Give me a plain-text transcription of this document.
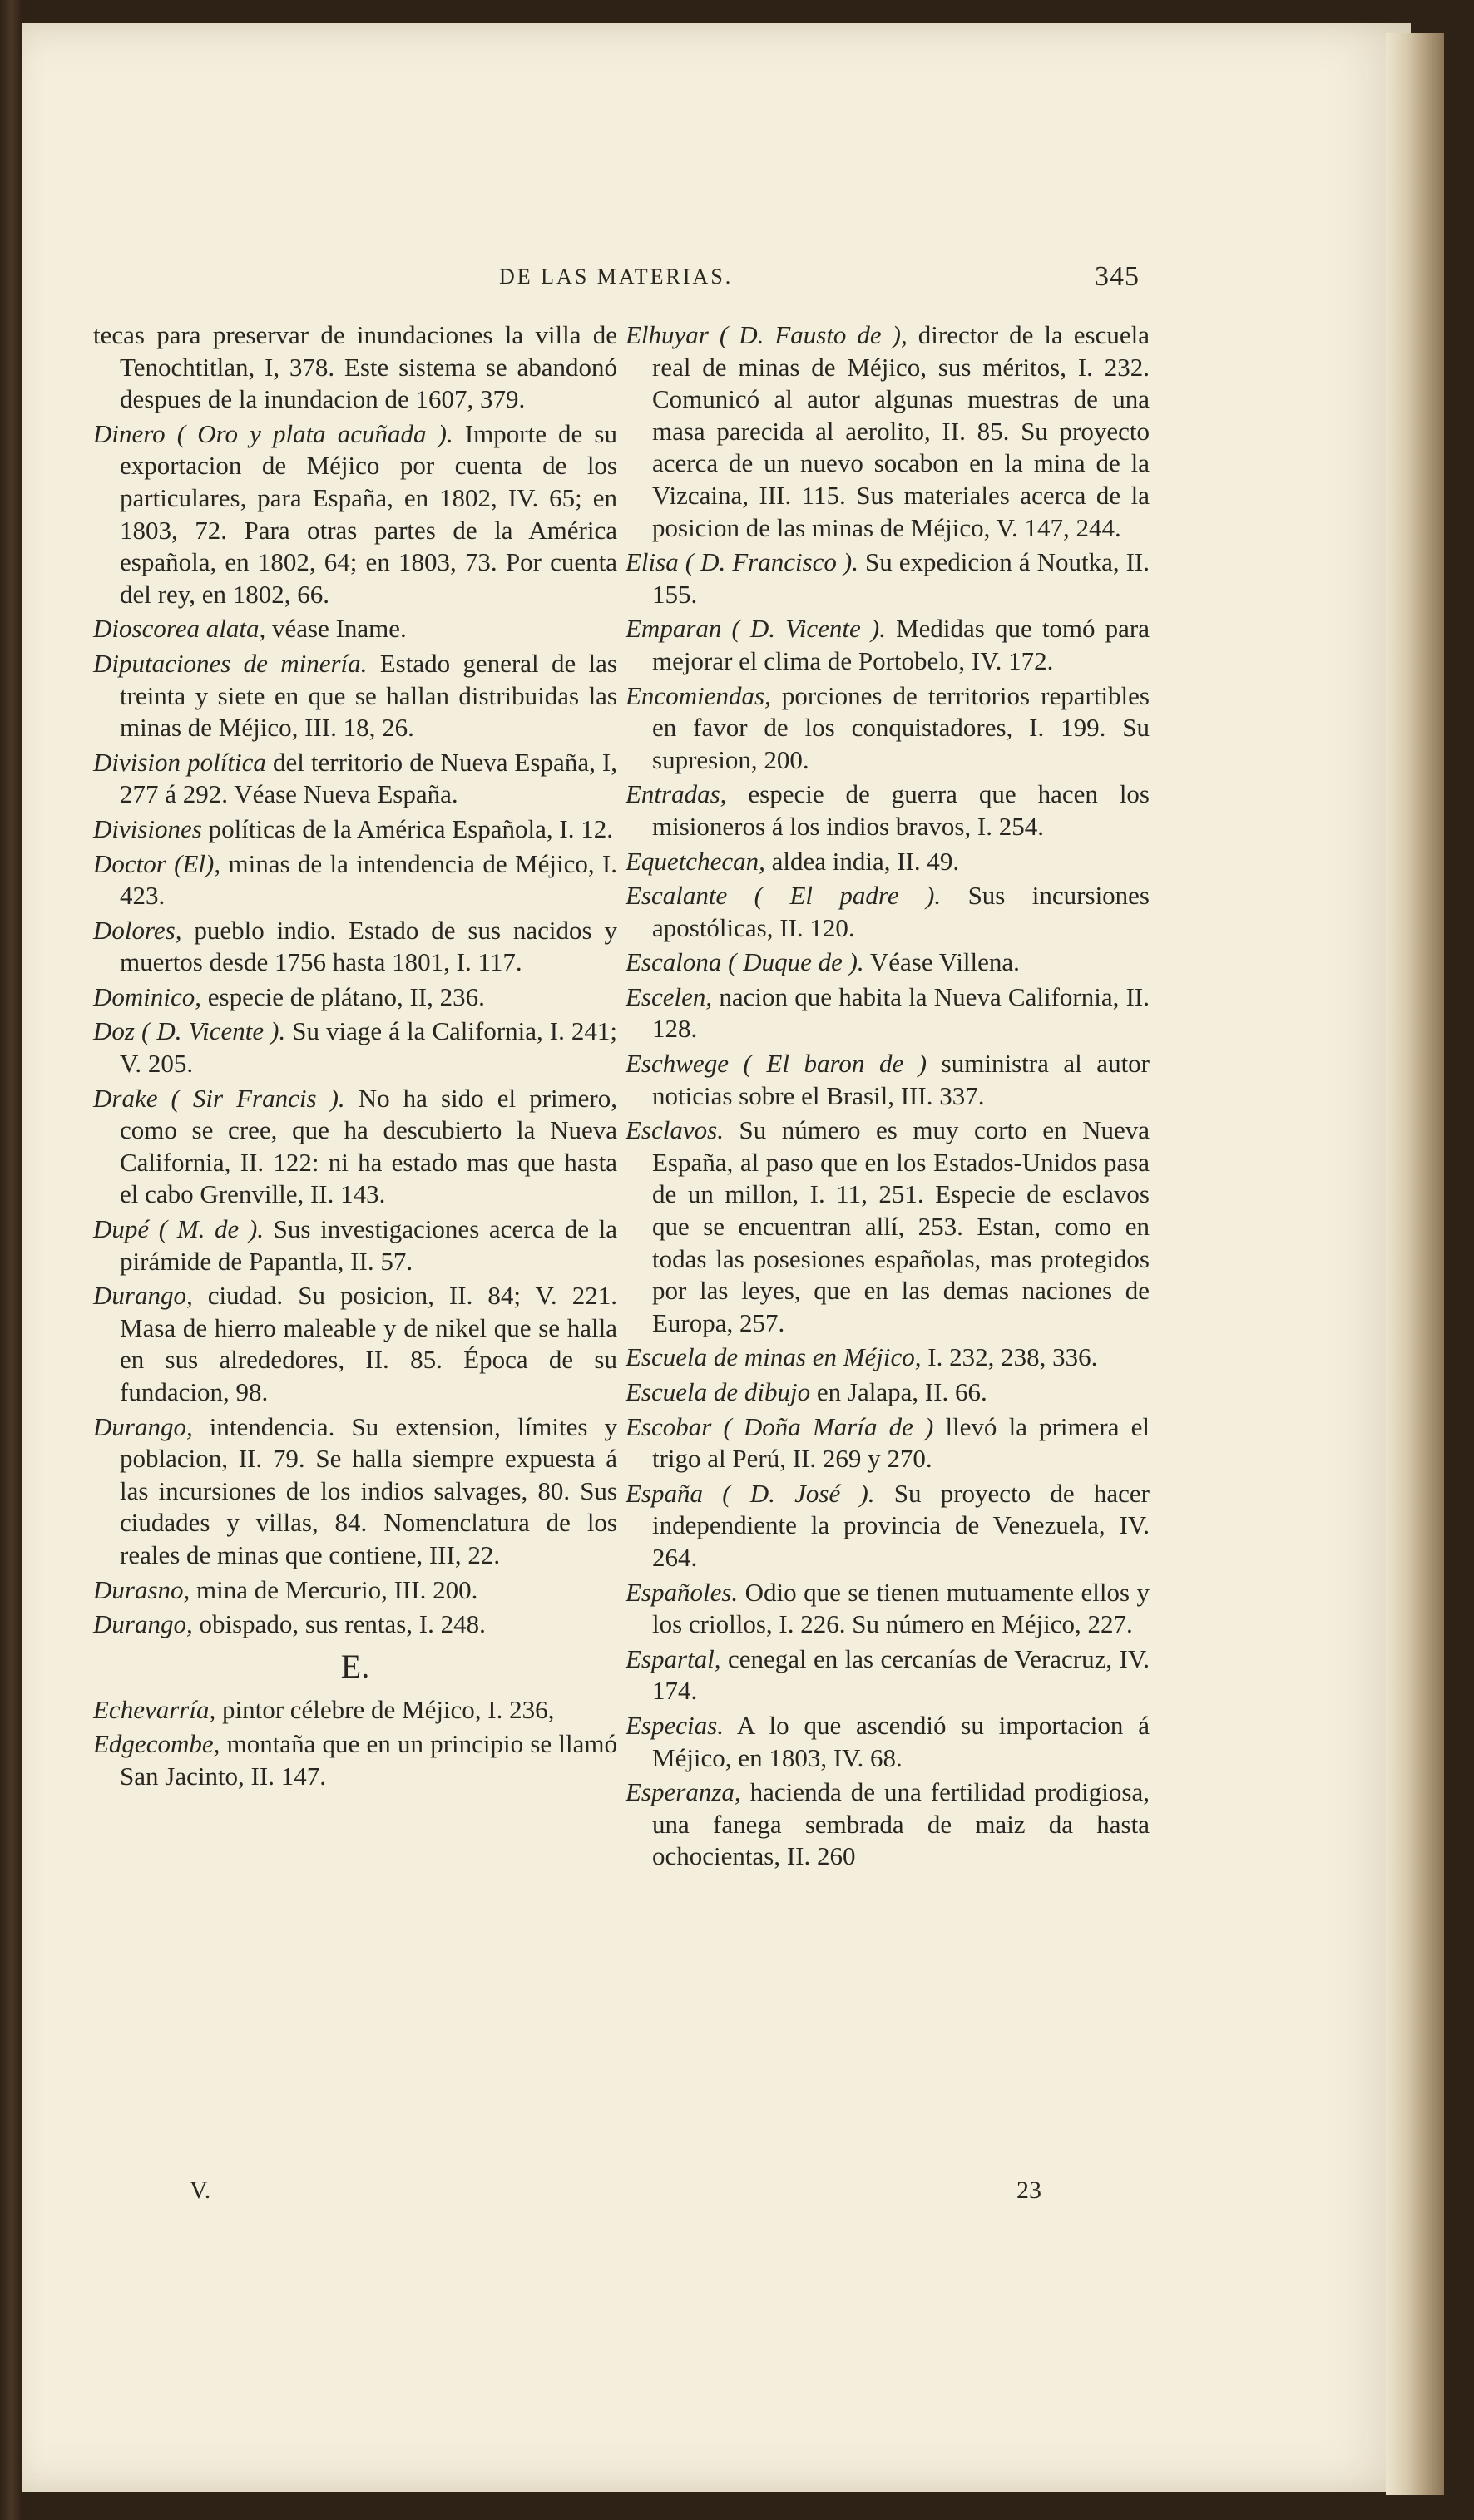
DE LAS MATERIAS.	345

tecas para preservar de inundaciones la villa de Tenochtitlan, I, 378. Este sistema se abandonó despues de la inundacion de 1607, 379.

Dinero ( Oro y plata acuñada ). Importe de su exportacion de Méjico por cuenta de los particulares, para España, en 1802, IV. 65; en 1803, 72. Para otras partes de la América española, en 1802, 64; en 1803, 73. Por cuenta del rey, en 1802, 66.

Dioscorea alata, véase Iname.

Diputaciones de minería. Estado general de las treinta y siete en que se hallan distribuidas las minas de Méjico, III. 18, 26.

Division política del territorio de Nueva España, I, 277 á 292. Véase Nueva España.

Divisiones políticas de la América Española, I. 12.

Doctor (El), minas de la intendencia de Méjico, I. 423.

Dolores, pueblo indio. Estado de sus nacidos y muertos desde 1756 hasta 1801, I. 117.

Dominico, especie de plátano, II, 236.

Doz ( D. Vicente ). Su viage á la California, I. 241; V. 205.

Drake ( Sir Francis ). No ha sido el primero, como se cree, que ha descubierto la Nueva California, II. 122: ni ha estado mas que hasta el cabo Grenville, II. 143.

Dupé ( M. de ). Sus investigaciones acerca de la pirámide de Papantla, II. 57.

Durango, ciudad. Su posicion, II. 84; V. 221. Masa de hierro maleable y de nikel que se halla en sus alrededores, II. 85. Época de su fundacion, 98.

Durango, intendencia. Su extension, límites y poblacion, II. 79. Se halla siempre expuesta á las incursiones de los indios salvages, 80. Sus ciudades y villas, 84. Nomenclatura de los reales de minas que contiene, III, 22.

Durasno, mina de Mercurio, III. 200.

Durango, obispado, sus rentas, I. 248.

E.

Echevarría, pintor célebre de Méjico, I. 236,

Edgecombe, montaña que en un principio se llamó San Jacinto, II. 147.

Elhuyar ( D. Fausto de ), director de la escuela real de minas de Méjico, sus méritos, I. 232. Comunicó al autor algunas muestras de una masa parecida al aerolito, II. 85. Su proyecto acerca de un nuevo socabon en la mina de la Vizcaina, III. 115. Sus materiales acerca de la posicion de las minas de Méjico, V. 147, 244.

Elisa ( D. Francisco ). Su expedicion á Noutka, II. 155.

Emparan ( D. Vicente ). Medidas que tomó para mejorar el clima de Portobelo, IV. 172.

Encomiendas, porciones de territorios repartibles en favor de los conquistadores, I. 199. Su supresion, 200.

Entradas, especie de guerra que hacen los misioneros á los indios bravos, I. 254.

Equetchecan, aldea india, II. 49.

Escalante ( El padre ). Sus incursiones apostólicas, II. 120.

Escalona ( Duque de ). Véase Villena.

Escelen, nacion que habita la Nueva California, II. 128.

Eschwege ( El baron de ) suministra al autor noticias sobre el Brasil, III. 337.

Esclavos. Su número es muy corto en Nueva España, al paso que en los Estados-Unidos pasa de un millon, I. 11, 251. Especie de esclavos que se encuentran allí, 253. Estan, como en todas las posesiones españolas, mas protegidos por las leyes, que en las demas naciones de Europa, 257.

Escuela de minas en Méjico, I. 232, 238, 336.

Escuela de dibujo en Jalapa, II. 66.

Escobar ( Doña María de ) llevó la primera el trigo al Perú, II. 269 y 270.

España ( D. José ). Su proyecto de hacer independiente la provincia de Venezuela, IV. 264.

Españoles. Odio que se tienen mutuamente ellos y los criollos, I. 226. Su número en Méjico, 227.

Espartal, cenegal en las cercanías de Veracruz, IV. 174.

Especias. A lo que ascendió su importacion á Méjico, en 1803, IV. 68.

Esperanza, hacienda de una fertilidad prodigiosa, una fanega sembrada de maiz da hasta ochocientas, II. 260

V.	23
